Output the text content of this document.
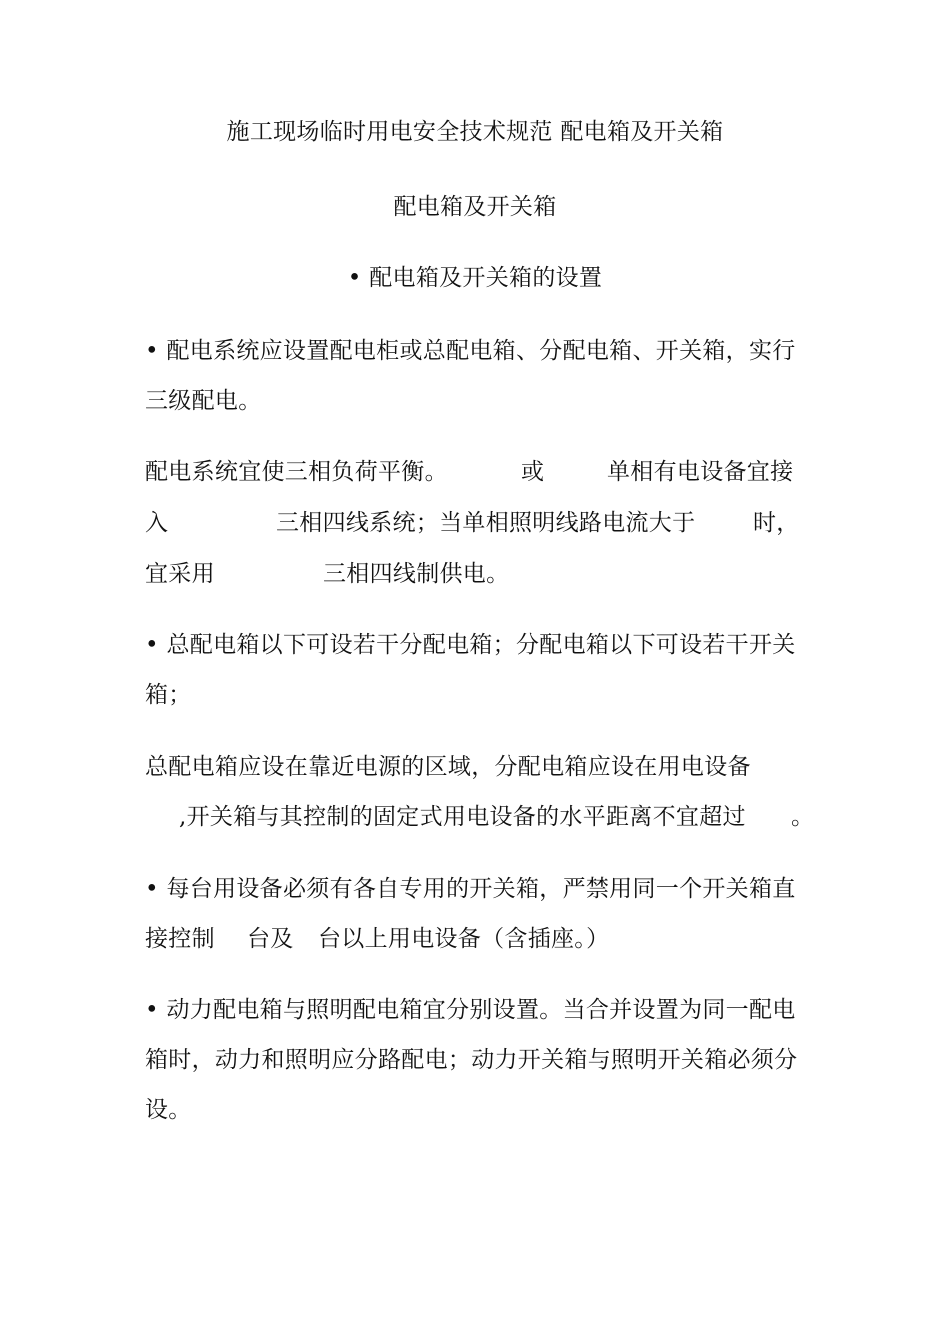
施工现场临时用电安全技术规范 配电箱及开关箱
配电箱及开关箱
• 配电箱及开关箱的设置
• 配电系统应设置配电柜或总配电箱、分配电箱、开关箱，实行
三级配电。
配电系统宜使三相负荷平衡。	或	单相有电设备宜接
入	三相四线系统；当单相照明线路电流大于	时，
宜采用	三相四线制供电。
• 总配电箱以下可设若干分配电箱；分配电箱以下可设若干开关
箱；
总配电箱应设在靠近电源的区域，分配电箱应设在用电设备
,开关箱与其控制的固定式用电设备的水平距离不宜超过 。
• 每台用设备必须有各自专用的开关箱，严禁用同一个开关箱直
接控制 台及 台以上用电设备（含插座。）
• 动力配电箱与照明配电箱宜分别设置。当合并设置为同一配电
箱时，动力和照明应分路配电；动力开关箱与照明开关箱必须分
设。
